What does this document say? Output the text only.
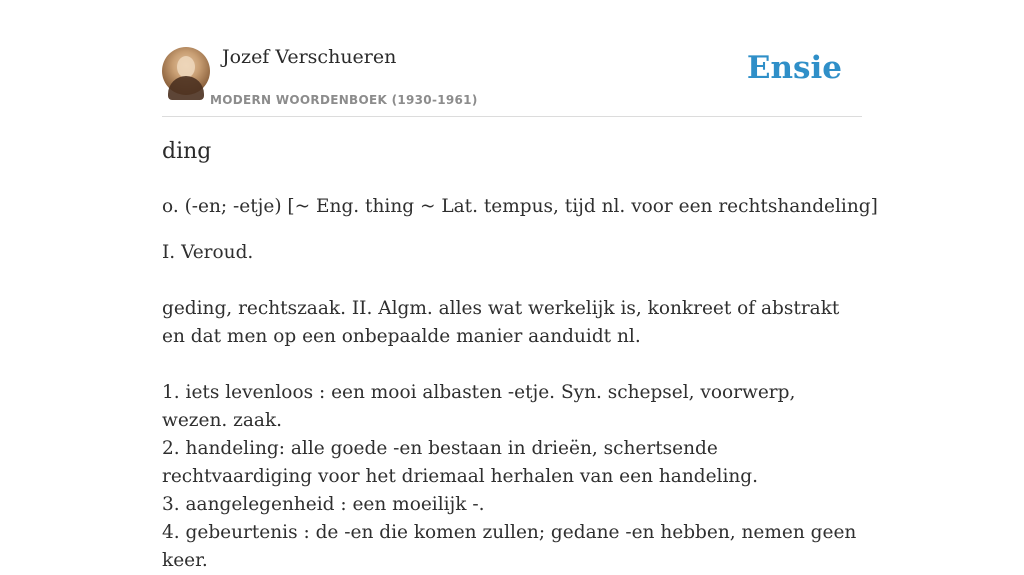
Jozef Verschueren
MODERN WOORDENBOEK (1930-1961)
Ensie
ding

o. (-en; -etje) [~ Eng. thing ~ Lat. tempus, tijd nl. voor een rechtshandeling]

I. Veroud.
geding, rechtszaak. II. Algm. alles wat werkelijk is, konkreet of abstrakt en dat men op een onbepaalde manier aanduidt nl.
1. iets levenloos : een mooi albasten -etje. Syn. schepsel, voorwerp, wezen. zaak.
2. handeling: alle goede -en bestaan in drieën, schertsende rechtvaardiging voor het driemaal herhalen van een handeling.
3. aangelegenheid : een moeilijk -.
4. gebeurtenis : de -en die komen zullen; gedane -en hebben, nemen geen keer.
